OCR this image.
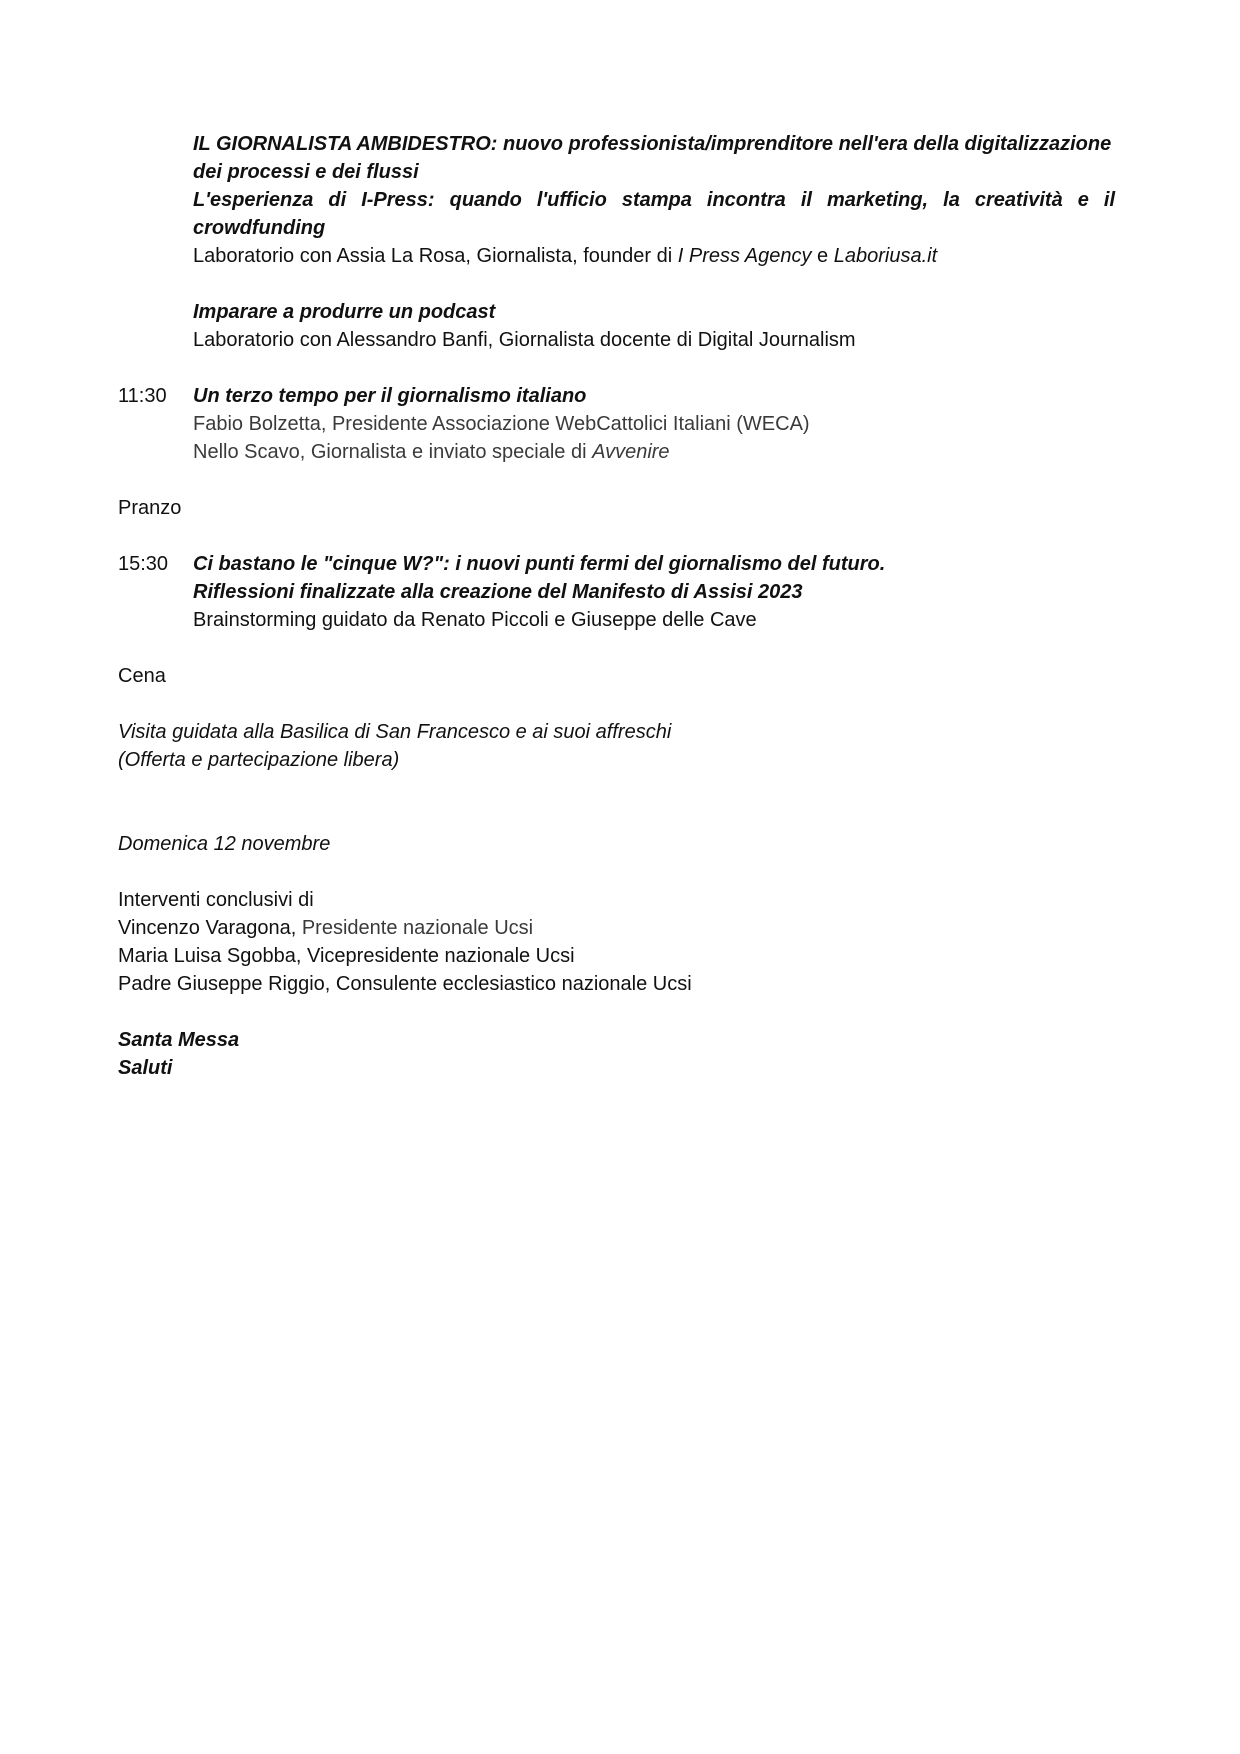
IL GIORNALISTA AMBIDESTRO: nuovo professionista/imprenditore nell'era della digitalizzazione
dei processi e dei flussi
L'esperienza di I-Press: quando l'ufficio stampa incontra il marketing, la creatività e il
crowdfunding
Laboratorio con Assia La Rosa, Giornalista, founder di I Press Agency e Laboriusa.it
Imparare a produrre un podcast
Laboratorio con Alessandro Banfi, Giornalista docente di Digital Journalism
11:30 Un terzo tempo per il giornalismo italiano
Fabio Bolzetta, Presidente Associazione WebCattolici Italiani (WECA)
Nello Scavo, Giornalista e inviato speciale di Avvenire
Pranzo
15:30 Ci bastano le "cinque W?": i nuovi punti fermi del giornalismo del futuro.
Riflessioni finalizzate alla creazione del Manifesto di Assisi 2023
Brainstorming guidato da Renato Piccoli e Giuseppe delle Cave
Cena
Visita guidata alla Basilica di San Francesco e ai suoi affreschi
(Offerta e partecipazione libera)
Domenica 12 novembre
Interventi conclusivi di
Vincenzo Varagona, Presidente nazionale Ucsi
Maria Luisa Sgobba, Vicepresidente nazionale Ucsi
Padre Giuseppe Riggio, Consulente ecclesiastico nazionale Ucsi
Santa Messa
Saluti
